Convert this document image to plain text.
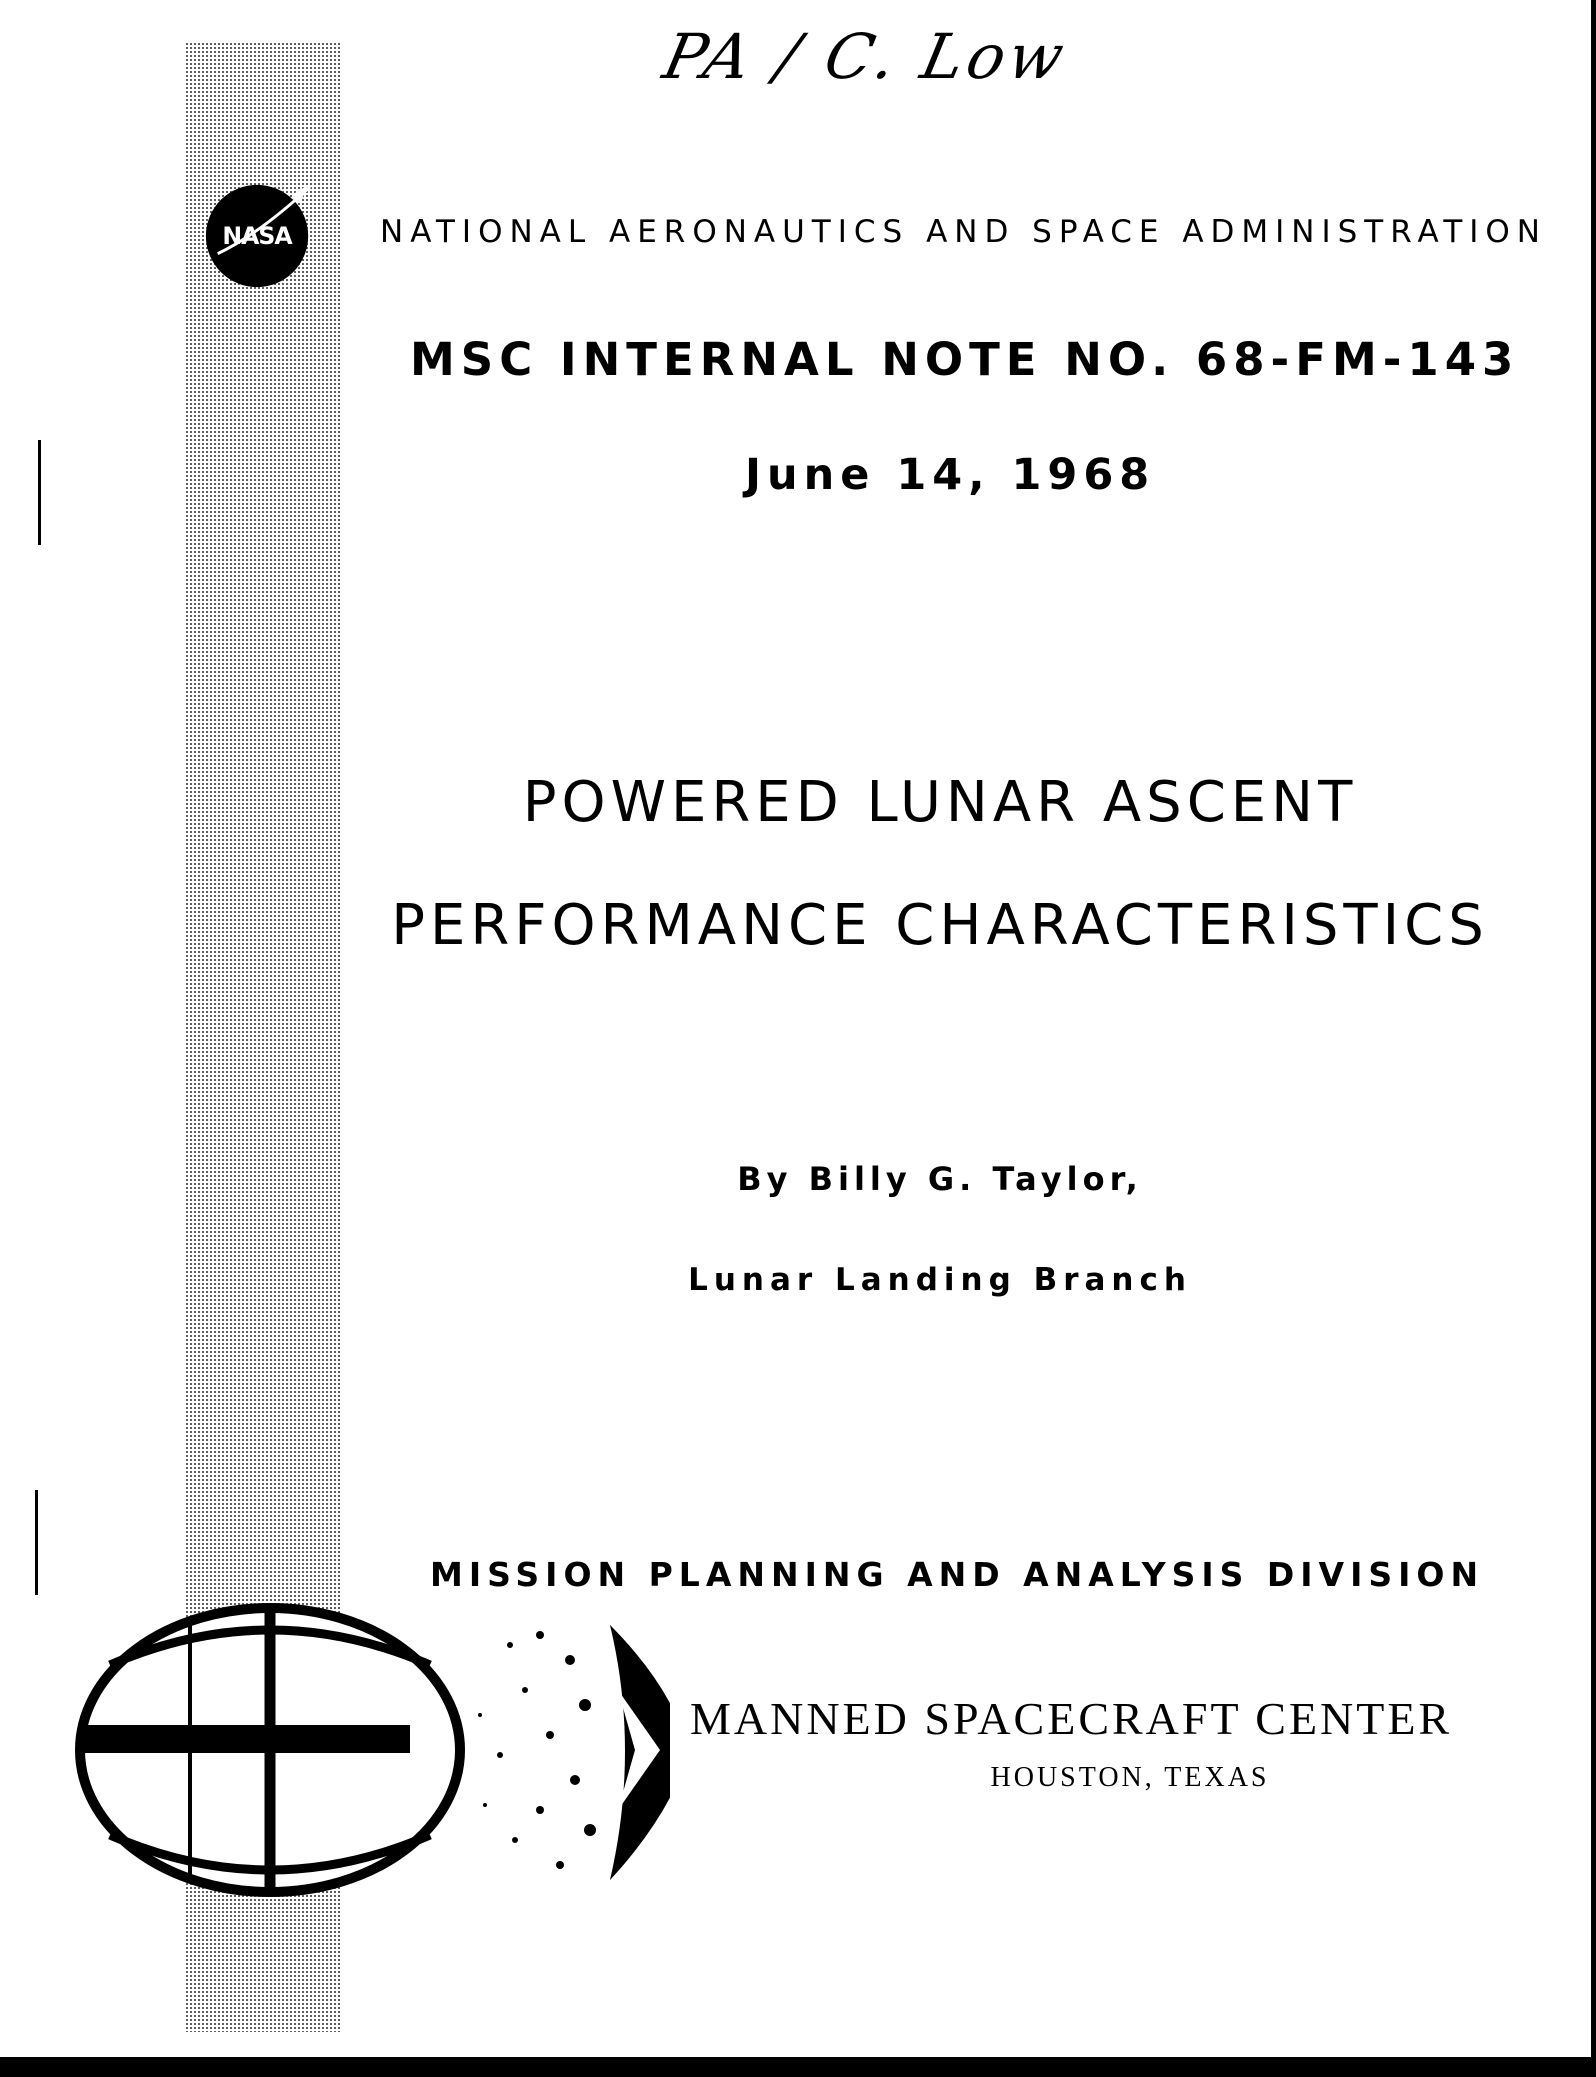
PA / C. Low
NASA	NATIONAL AERONAUTICS AND SPACE ADMINISTRATION
MSC INTERNAL NOTE NO. 68-FM-143
June 14, 1968
POWERED LUNAR ASCENT
PERFORMANCE CHARACTERISTICS
By Billy G. Taylor,
Lunar Landing Branch
MISSION PLANNING AND ANALYSIS DIVISION
MANNED SPACECRAFT CENTER
HOUSTON, TEXAS
